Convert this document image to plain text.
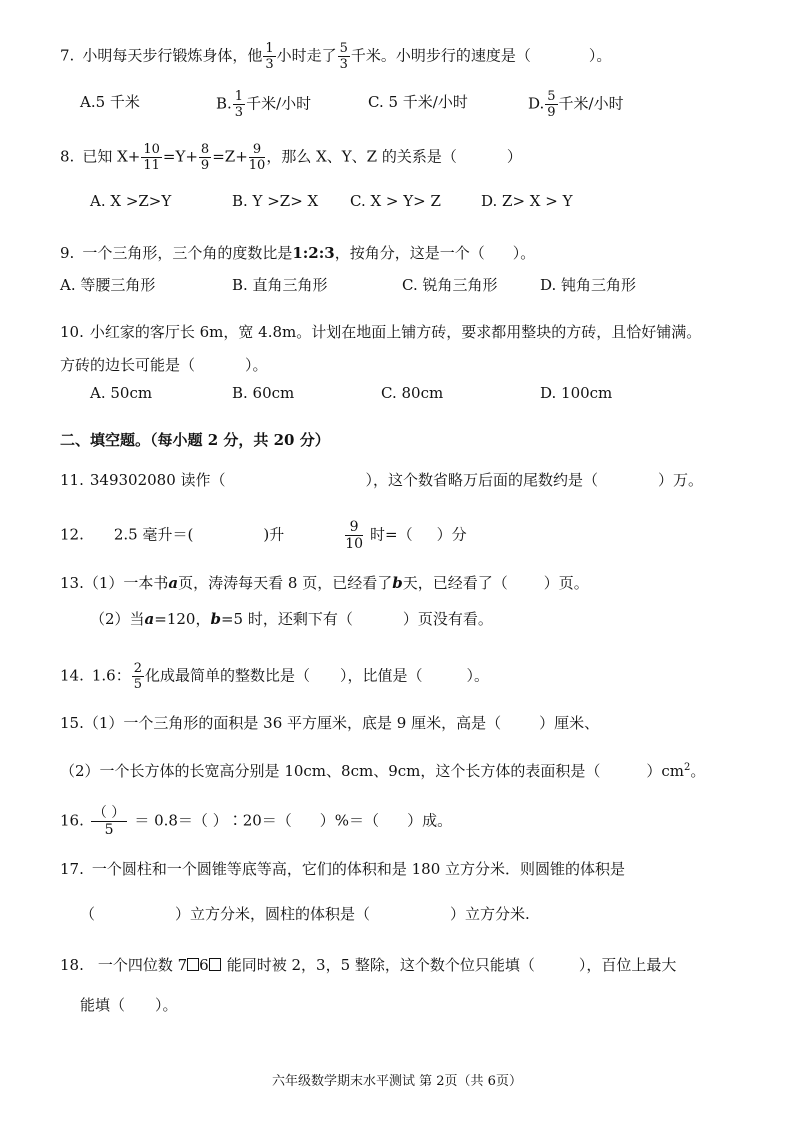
7. 小明每天步行锻炼身体，他 $\frac{1}{3}$ 小时走了 $\frac{5}{3}$ 千米。小明步行的速度是（	）。
A.5 千米	B. $\frac{1}{3}$ 千米/小时	C. 5 千米/小时	D. $\frac{5}{9}$ 千米/小时
8. 已知 $X+ \frac{10}{11} =Y+ \frac{8}{9} =Z+ \frac{9}{10}$ ，那么 X、Y、Z 的关系是（	）
A. X >Z>Y	B. Y >Z> X C. X > Y> Z	D. Z> X > Y
9. 一个三角形，三个角的度数比是1:2:3，按角分，这是一个（ ）。
A. 等腰三角形	B. 直角三角形	C. 锐角三角形	D. 钝角三角形
10. 小红家的客厅长 6m，宽 4.8m。计划在地面上铺方砖，要求都用整块的方砖，且恰好铺满。
方砖的边长可能是（	）。
A. 50cm	B. 60cm	C. 80cm	D. 100cm
二、填空题。（每小题 2 分，共 20 分）
11. 349302080 读作（	），这个数省略万后面的尾数约是（	）万。
12. 2.5 毫升＝(	)升	$\frac{9}{10}$ 时=（ ）分
13.（1）一本书a页，涛涛每天看 8 页，已经看了b天，已经看了（ ）页。
（2）当a=120，b=5 时，还剩下有（	）页没有看。
14. 1.6： $\frac{2}{5}$ 化成最简单的整数比是（ ），比值是（	）。
15.（1）一个三角形的面积是 36 平方厘米，底是 9 厘米，高是（	）厘米、
（2）一个长方体的长宽高分别是 10cm、8cm、9cm，这个长方体的表面积是（	）$cm^2$。
16. $\frac{( )}{5} = 0.8=$（ ）∶20＝（ ）%＝（ ）成。
17. 一个圆柱和一个圆锥等底等高，它们的体积和是 180 立方分米．则圆锥的体积是
（	）立方分米，圆柱的体积是（	）立方分米.
18. 一个四位数 7 6 能同时被 2，3，5 整除，这个数个位只能填（	），百位上最大
能填（ ）。
六年级数学期末水平测试 第 2页（共 6页）
